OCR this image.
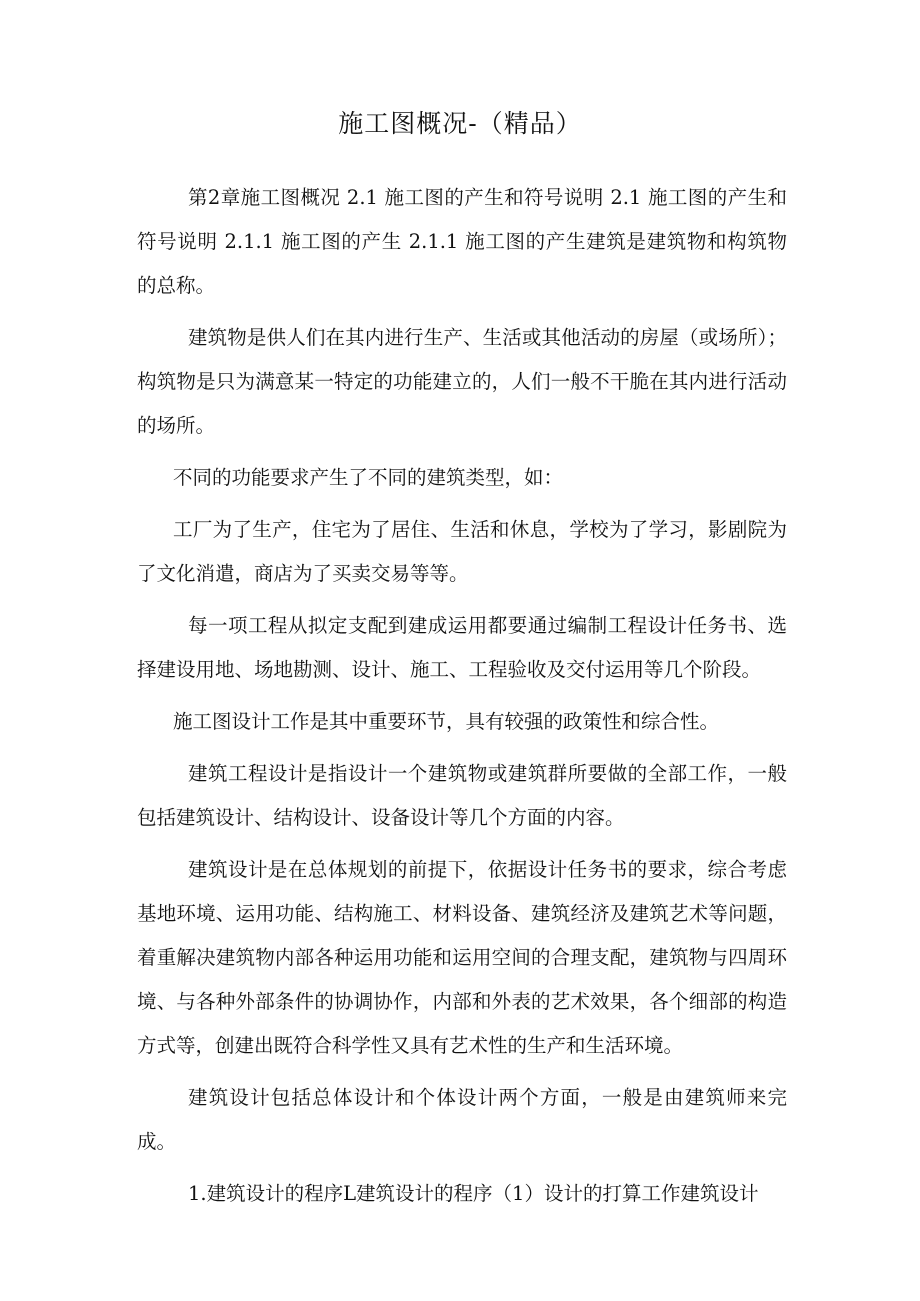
施工图概况-（精品）

第2章施工图概况 2.1 施工图的产生和符号说明 2.1 施工图的产生和符号说明 2.1.1 施工图的产生 2.1.1 施工图的产生建筑是建筑物和构筑物的总称。

建筑物是供人们在其内进行生产、生活或其他活动的房屋（或场所）；构筑物是只为满意某一特定的功能建立的，人们一般不干脆在其内进行活动的场所。

不同的功能要求产生了不同的建筑类型，如：

工厂为了生产，住宅为了居住、生活和休息，学校为了学习，影剧院为了文化消遣，商店为了买卖交易等等。

每一项工程从拟定支配到建成运用都要通过编制工程设计任务书、选择建设用地、场地勘测、设计、施工、工程验收及交付运用等几个阶段。

施工图设计工作是其中重要环节，具有较强的政策性和综合性。

建筑工程设计是指设计一个建筑物或建筑群所要做的全部工作，一般包括建筑设计、结构设计、设备设计等几个方面的内容。

建筑设计是在总体规划的前提下，依据设计任务书的要求，综合考虑基地环境、运用功能、结构施工、材料设备、建筑经济及建筑艺术等问题，着重解决建筑物内部各种运用功能和运用空间的合理支配，建筑物与四周环境、与各种外部条件的协调协作，内部和外表的艺术效果，各个细部的构造方式等，创建出既符合科学性又具有艺术性的生产和生活环境。

建筑设计包括总体设计和个体设计两个方面，一般是由建筑师来完成。

1.建筑设计的程序L建筑设计的程序（1）设计的打算工作建筑设计
